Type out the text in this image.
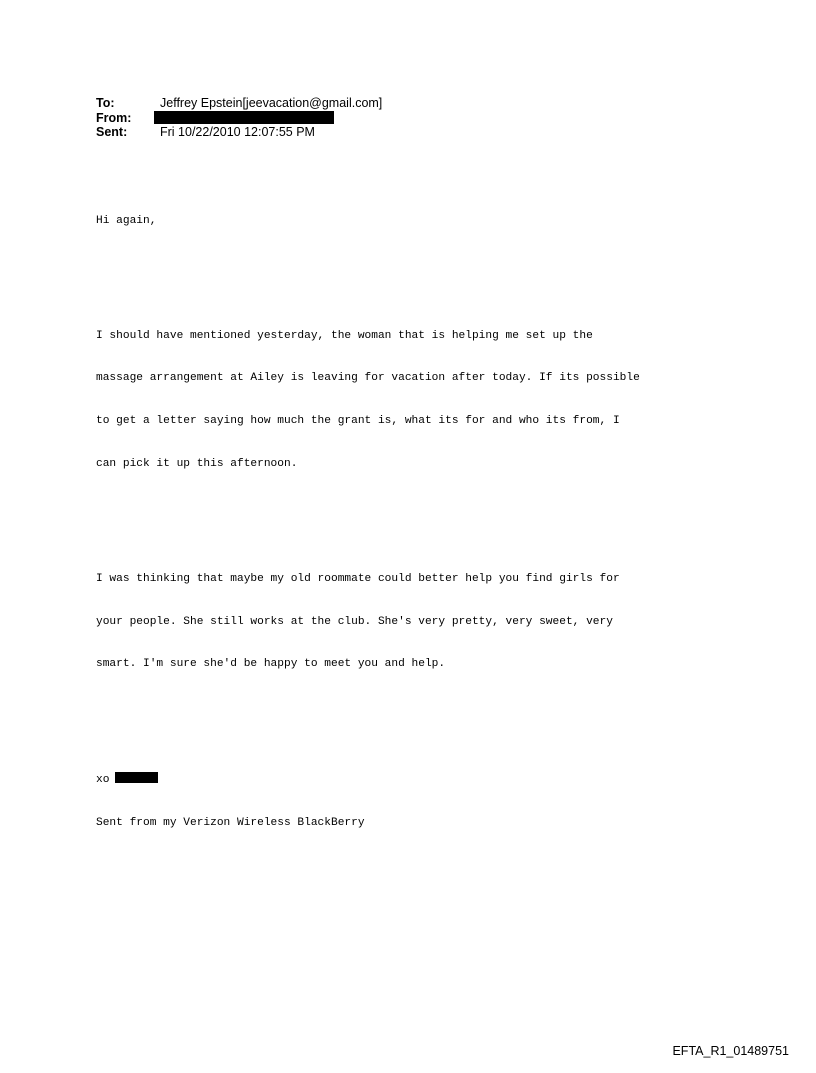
To:	Jeffrey Epstein[jeevacation@gmail.com]
From:
Sent:	Fri 10/22/2010 12:07:55 PM

Hi again,

I should have mentioned yesterday, the woman that is helping me set up the

massage arrangement at Ailey is leaving for vacation after today. If its possible

to get a letter saying how much the grant is, what its for and who its from, I

can pick it up this afternoon.

I was thinking that maybe my old roommate could better help you find girls for

your people. She still works at the club. She's very pretty, very sweet, very

smart. I'm sure she'd be happy to meet you and help.

xo

Sent from my Verizon Wireless BlackBerry

EFTA_R1_01489751
